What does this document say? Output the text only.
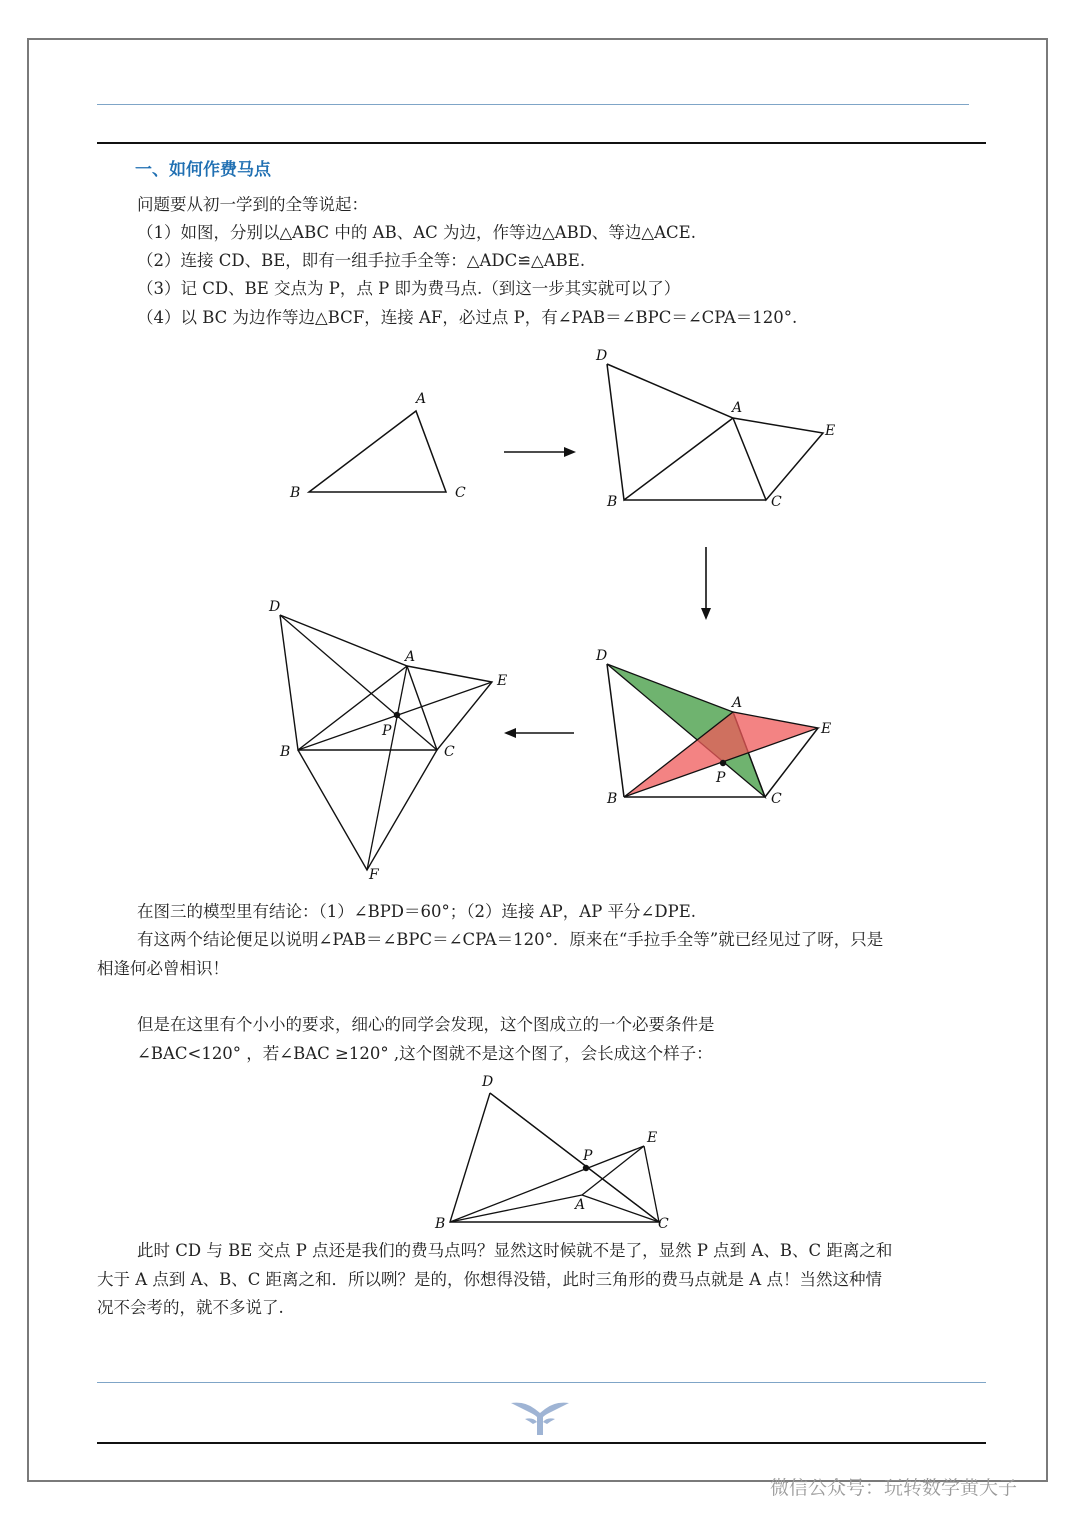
一、如何作费马点
问题要从初一学到的全等说起：
（1）如图，分别以△ABC 中的 AB、AC 为边，作等边△ABD、等边△ACE.
（2）连接 CD、BE，即有一组手拉手全等：△ADC≌△ABE.
（3）记 CD、BE 交点为 P，点 P 即为费马点.（到这一步其实就可以了）
（4）以 BC 为边作等边△BCF，连接 AF，必过点 P，有∠PAB＝∠BPC＝∠CPA＝120°.
A
B	C
D
A
E
B	C
D
A
E
P
B	C
D
A
E
P
B	C
F
在图三的模型里有结论：（1）∠BPD＝60°；（2）连接 AP，AP 平分∠DPE.
有这两个结论便足以说明∠PAB＝∠BPC＝∠CPA＝120°．原来在“手拉手全等”就已经见过了呀，只是
相逢何必曾相识！
但是在这里有个小小的要求，细心的同学会发现，这个图成立的一个必要条件是
∠BAC<120° ，若∠BAC ≥120° ,这个图就不是这个图了，会长成这个样子：
D
E
P
A
B	C
此时 CD 与 BE 交点 P 点还是我们的费马点吗？显然这时候就不是了，显然 P 点到 A、B、C 距离之和
大于 A 点到 A、B、C 距离之和．所以咧？是的，你想得没错，此时三角形的费马点就是 A 点！当然这种情
况不会考的，就不多说了.
微信公众号：玩转数学黄大子
